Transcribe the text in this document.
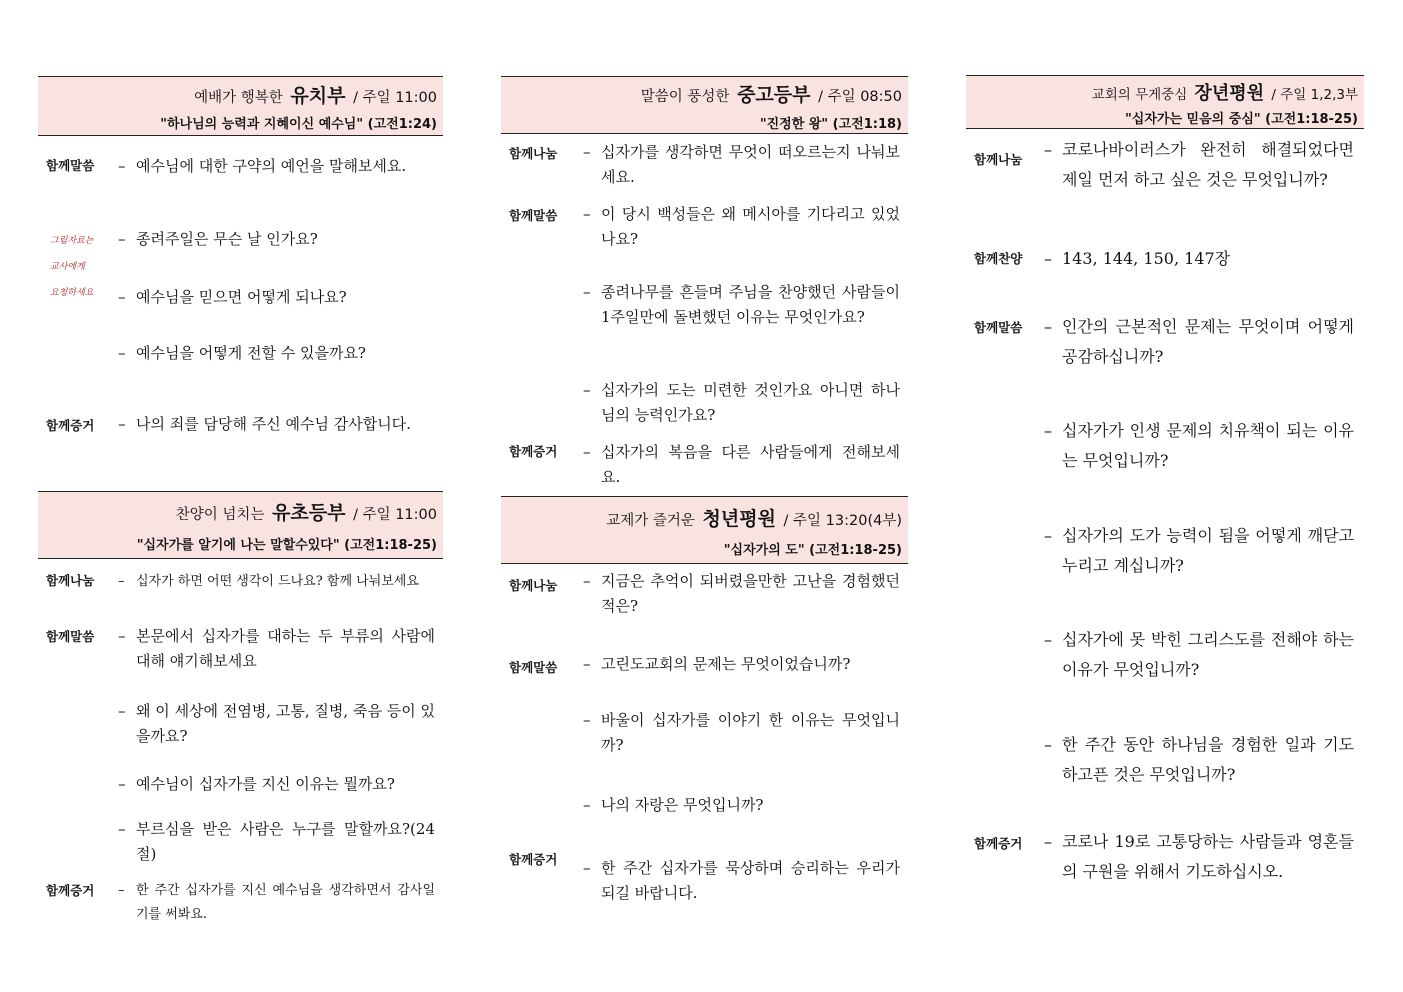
예배가 행복한 유치부 / 주일 11:00
"하나님의 능력과 지혜이신 예수님" (고전1:24)
함께말씀 – 예수님에 대한 구약의 예언을 말해보세요.
그림자료는
교사에게
요청하세요
– 종려주일은 무슨 날 인가요?
– 예수님을 믿으면 어떻게 되나요?
– 예수님을 어떻게 전할 수 있을까요?
함께증거 – 나의 죄를 담당해 주신 예수님 감사합니다.
찬양이 넘치는 유초등부 / 주일 11:00
"십자가를 알기에 나는 말할수있다" (고전1:18-25)
함께나눔 – 십자가 하면 어떤 생각이 드나요? 함께 나눠보세요
함께말씀 – 본문에서 십자가를 대하는 두 부류의 사람에 대해 얘기해보세요
– 왜 이 세상에 전염병, 고통, 질병, 죽음 등이 있을까요?
– 예수님이 십자가를 지신 이유는 뭘까요?
– 부르심을 받은 사람은 누구를 말할까요?(24절)
함께증거 – 한 주간 십자가를 지신 예수님을 생각하면서 감사일기를 써봐요.
말씀이 풍성한 중고등부 / 주일 08:50
"진정한 왕" (고전1:18)
함께나눔 – 십자가를 생각하면 무엇이 떠오르는지 나눠보세요.
함께말씀 – 이 당시 백성들은 왜 메시아를 기다리고 있었나요?
– 종려나무를 흔들며 주님을 찬양했던 사람들이 1주일만에 돌변했던 이유는 무엇인가요?
– 십자가의 도는 미련한 것인가요 아니면 하나님의 능력인가요?
함께증거 – 십자가의 복음을 다른 사람들에게 전해보세요.
교제가 즐거운 청년평원 / 주일 13:20(4부)
"십자가의 도" (고전1:18-25)
함께나눔 – 지금은 추억이 되버렸을만한 고난을 경험했던 적은?
함께말씀 – 고린도교회의 문제는 무엇이었습니까?
– 바울이 십자가를 이야기 한 이유는 무엇입니까?
– 나의 자랑은 무엇입니까?
함께증거 – 한 주간 십자가를 묵상하며 승리하는 우리가 되길 바랍니다.
교회의 무게중심 장년평원 / 주일 1,2,3부
"십자가는 믿음의 중심" (고전1:18-25)
함께나눔
– 코로나바이러스가 완전히 해결되었다면 제일 먼저 하고 싶은 것은 무엇입니까?
함께찬양 – 143, 144, 150, 147장
함께말씀 – 인간의 근본적인 문제는 무엇이며 어떻게 공감하십니까?
– 십자가가 인생 문제의 치유책이 되는 이유는 무엇입니까?
– 십자가의 도가 능력이 됨을 어떻게 깨닫고 누리고 계십니까?
– 십자가에 못 박힌 그리스도를 전해야 하는 이유가 무엇입니까?
– 한 주간 동안 하나님을 경험한 일과 기도하고픈 것은 무엇입니까?
함께증거 – 코로나 19로 고통당하는 사람들과 영혼들의 구원을 위해서 기도하십시오.
